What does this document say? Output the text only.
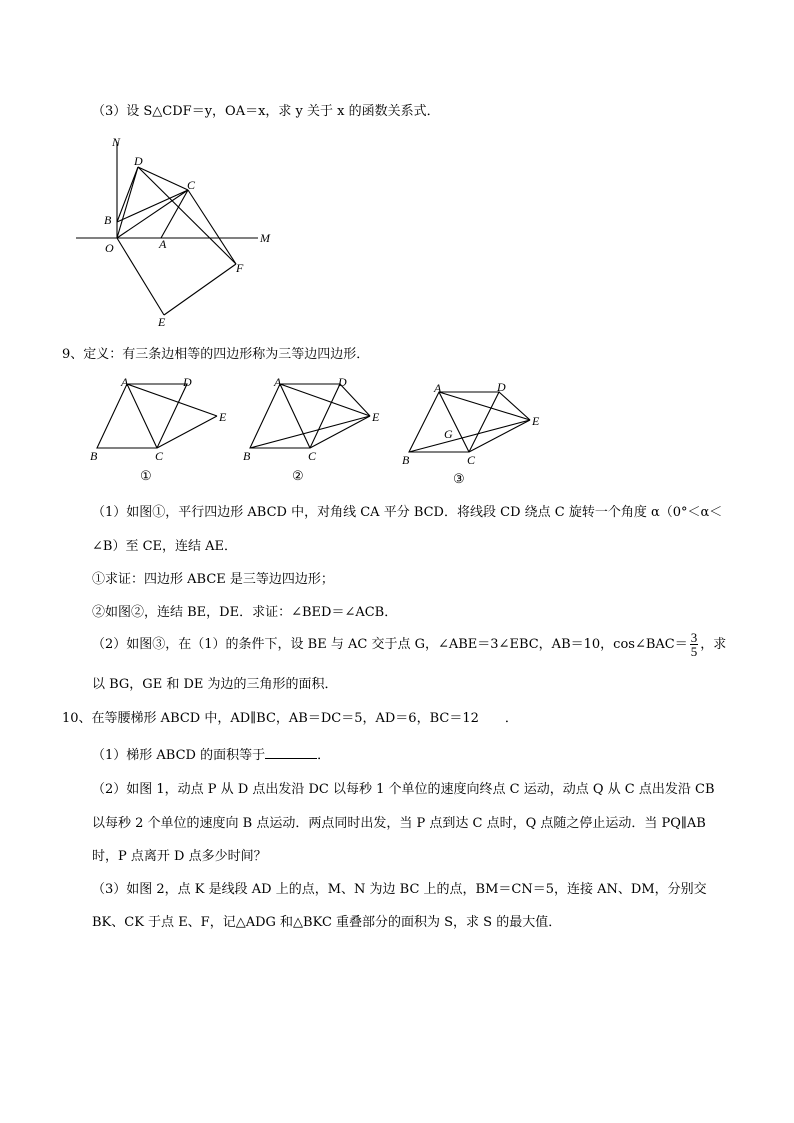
（3）设 S△CDF＝y，OA＝x，求 y 关于 x 的函数关系式．
N
D
C
B
O	A	M
F
E
9、定义：有三条边相等的四边形称为三等边四边形．
A	D
E
B	C
①
A	D
E
B	C
②
A	D
E
G
B	C
③
（1）如图①，平行四边形 ABCD 中，对角线 CA 平分 BCD．将线段 CD 绕点 C 旋转一个角度 α（0°＜α＜
∠B）至 CE，连结 AE．
①求证：四边形 ABCE 是三等边四边形；
②如图②，连结 BE，DE．求证：∠BED＝∠ACB．
（2）如图③，在（1）的条件下，设 BE 与 AC 交于点 G，∠ABE＝3∠EBC，AB＝10，cos∠BAC＝ $\frac{3}{5}$ ，求
以 BG，GE 和 DE 为边的三角形的面积．
10、在等腰梯形 ABCD 中，AD∥BC，AB＝DC＝5，AD＝6，BC＝12　　．
（1）梯形 ABCD 的面积等于	．
（2）如图 1，动点 P 从 D 点出发沿 DC 以每秒 1 个单位的速度向终点 C 运动，动点 Q 从 C 点出发沿 CB
以每秒 2 个单位的速度向 B 点运动．两点同时出发，当 P 点到达 C 点时，Q 点随之停止运动．当 PQ∥AB
时，P 点离开 D 点多少时间？
（3）如图 2，点 K 是线段 AD 上的点，M、N 为边 BC 上的点，BM＝CN＝5，连接 AN、DM，分别交
BK、CK 于点 E、F，记△ADG 和△BKC 重叠部分的面积为 S，求 S 的最大值．
